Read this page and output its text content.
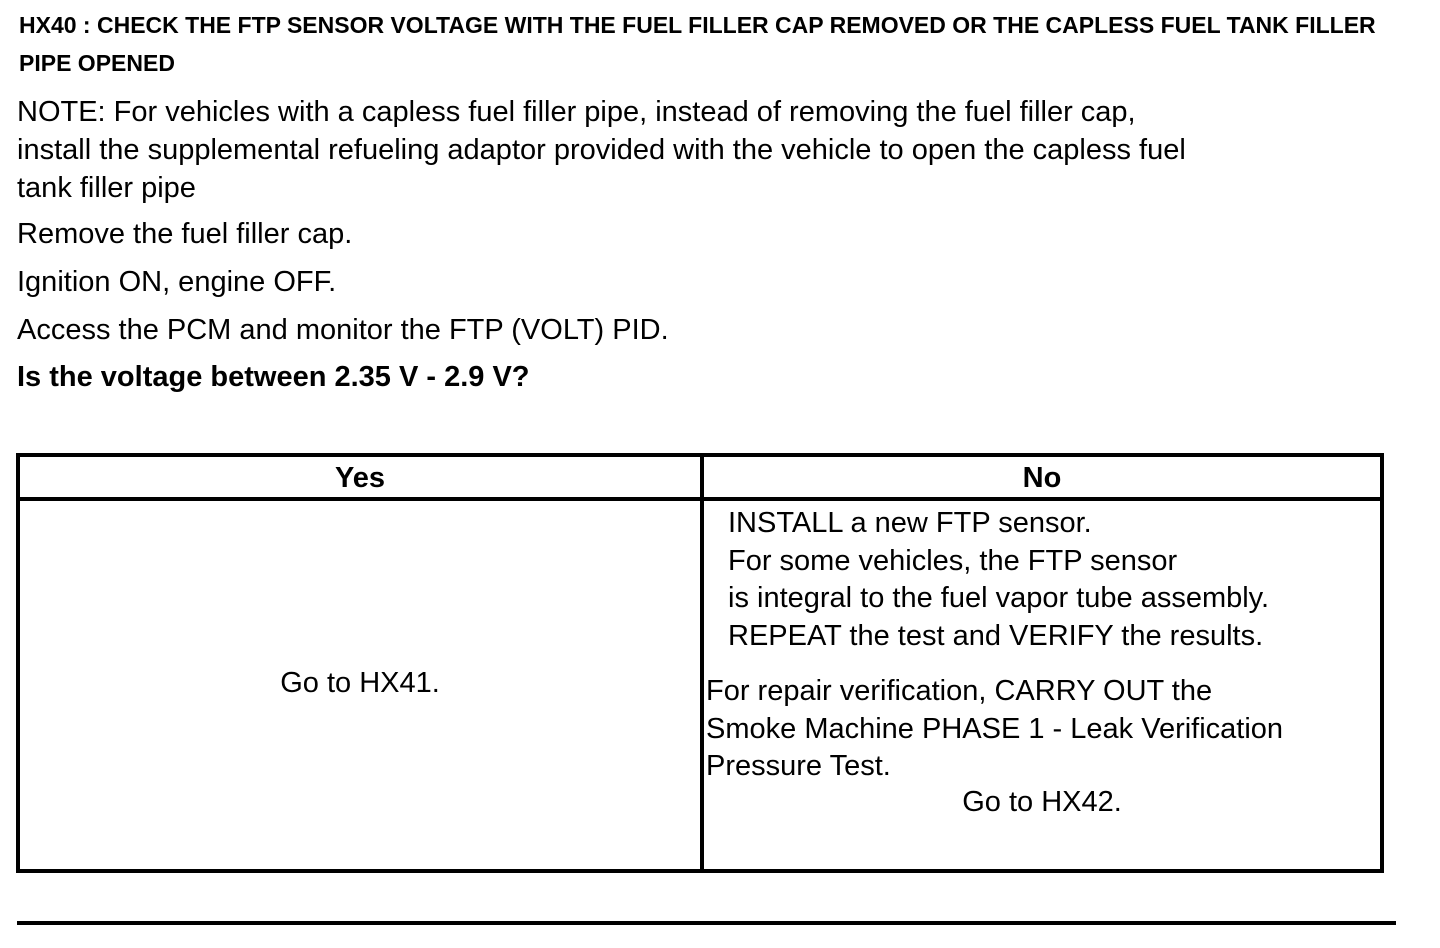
HX40 : CHECK THE FTP SENSOR VOLTAGE WITH THE FUEL FILLER CAP REMOVED OR THE CAPLESS FUEL TANK FILLER PIPE OPENED
NOTE: For vehicles with a capless fuel filler pipe, instead of removing the fuel filler cap,
install the supplemental refueling adaptor provided with the vehicle to open the capless fuel
tank filler pipe
Remove the fuel filler cap.
Ignition ON, engine OFF.
Access the PCM and monitor the FTP (VOLT) PID.
Is the voltage between 2.35 V - 2.9 V?
Yes	No
Go to HX41.
INSTALL a new FTP sensor.
For some vehicles, the FTP sensor
is integral to the fuel vapor tube assembly.
REPEAT the test and VERIFY the results.
For repair verification, CARRY OUT the
Smoke Machine PHASE 1 - Leak Verification
Pressure Test.
Go to HX42.
